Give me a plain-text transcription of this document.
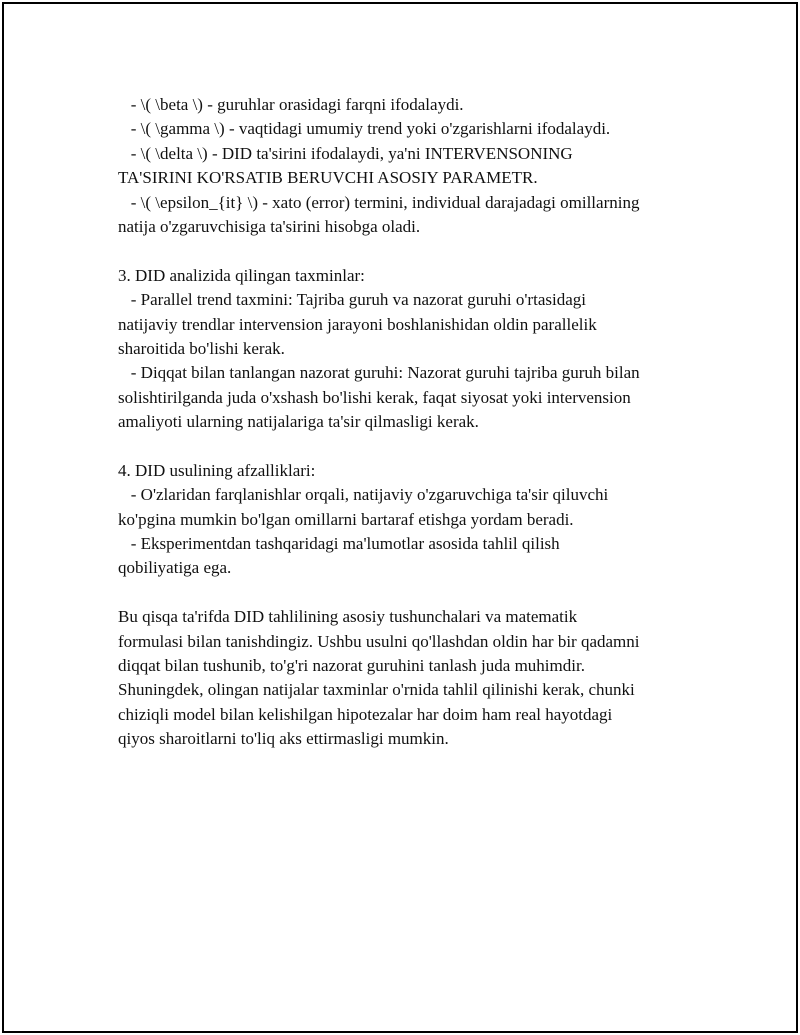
- \( \beta \) - guruhlar orasidagi farqni ifodalaydi.
- \( \gamma \) - vaqtidagi umumiy trend yoki o'zgarishlarni ifodalaydi.
- \( \delta \) - DID ta'sirini ifodalaydi, ya'ni INTERVENSONING
TA'SIRINI KO'RSATIB BERUVCHI ASOSIY PARAMETR.
- \( \epsilon_{it} \) - xato (error) termini, individual darajadagi omillarning
natija o'zgaruvchisiga ta'sirini hisobga oladi.
3. DID analizida qilingan taxminlar:
- Parallel trend taxmini: Tajriba guruh va nazorat guruhi o'rtasidagi
natijaviy trendlar intervension jarayoni boshlanishidan oldin parallelik
sharoitida bo'lishi kerak.
- Diqqat bilan tanlangan nazorat guruhi: Nazorat guruhi tajriba guruh bilan
solishtirilganda juda o'xshash bo'lishi kerak, faqat siyosat yoki intervension
amaliyoti ularning natijalariga ta'sir qilmasligi kerak.
4. DID usulining afzalliklari:
- O'zlaridan farqlanishlar orqali, natijaviy o'zgaruvchiga ta'sir qiluvchi
ko'pgina mumkin bo'lgan omillarni bartaraf etishga yordam beradi.
- Eksperimentdan tashqaridagi ma'lumotlar asosida tahlil qilish
qobiliyatiga ega.
Bu qisqa ta'rifda DID tahlilining asosiy tushunchalari va matematik
formulasi bilan tanishdingiz. Ushbu usulni qo'llashdan oldin har bir qadamni
diqqat bilan tushunib, to'g'ri nazorat guruhini tanlash juda muhimdir.
Shuningdek, olingan natijalar taxminlar o'rnida tahlil qilinishi kerak, chunki
chiziqli model bilan kelishilgan hipotezalar har doim ham real hayotdagi
qiyos sharoitlarni to'liq aks ettirmasligi mumkin.
